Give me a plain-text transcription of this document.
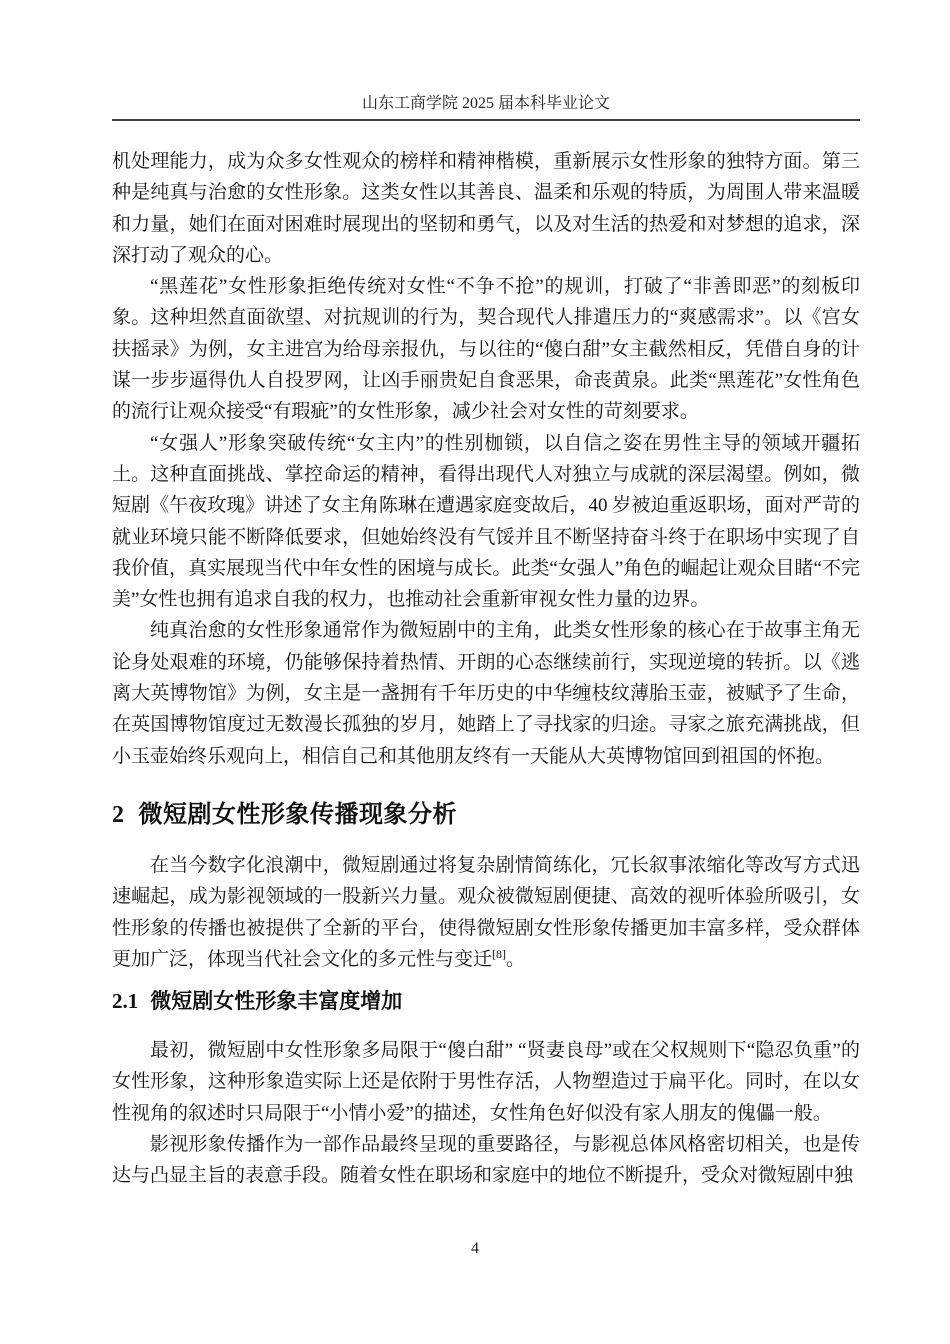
山东工商学院 2025 届本科毕业论文

机处理能力，成为众多女性观众的榜样和精神楷模，重新展示女性形象的独特方面。第三种是纯真与治愈的女性形象。这类女性以其善良、温柔和乐观的特质，为周围人带来温暖和力量，她们在面对困难时展现出的坚韧和勇气，以及对生活的热爱和对梦想的追求，深深打动了观众的心。

“黑莲花”女性形象拒绝传统对女性“不争不抢”的规训，打破了“非善即恶”的刻板印象。这种坦然直面欲望、对抗规训的行为，契合现代人排遣压力的“爽感需求”。以《宫女扶摇录》为例，女主进宫为给母亲报仇，与以往的“傻白甜”女主截然相反，凭借自身的计谋一步步逼得仇人自投罗网，让凶手丽贵妃自食恶果，命丧黄泉。此类“黑莲花”女性角色的流行让观众接受“有瑕疵”的女性形象，减少社会对女性的苛刻要求。

“女强人”形象突破传统“女主内”的性别枷锁，以自信之姿在男性主导的领域开疆拓土。这种直面挑战、掌控命运的精神，看得出现代人对独立与成就的深层渴望。例如，微短剧《午夜玫瑰》讲述了女主角陈琳在遭遇家庭变故后，40 岁被迫重返职场，面对严苛的就业环境只能不断降低要求，但她始终没有气馁并且不断坚持奋斗终于在职场中实现了自我价值，真实展现当代中年女性的困境与成长。此类“女强人”角色的崛起让观众目睹“不完美”女性也拥有追求自我的权力，也推动社会重新审视女性力量的边界。

纯真治愈的女性形象通常作为微短剧中的主角，此类女性形象的核心在于故事主角无论身处艰难的环境，仍能够保持着热情、开朗的心态继续前行，实现逆境的转折。以《逃离大英博物馆》为例，女主是一盏拥有千年历史的中华缠枝纹薄胎玉壶，被赋予了生命，在英国博物馆度过无数漫长孤独的岁月，她踏上了寻找家的归途。寻家之旅充满挑战，但小玉壶始终乐观向上，相信自己和其他朋友终有一天能从大英博物馆回到祖国的怀抱。

2 微短剧女性形象传播现象分析

在当今数字化浪潮中，微短剧通过将复杂剧情简练化，冗长叙事浓缩化等改写方式迅速崛起，成为影视领域的一股新兴力量。观众被微短剧便捷、高效的视听体验所吸引，女性形象的传播也被提供了全新的平台，使得微短剧女性形象传播更加丰富多样，受众群体更加广泛，体现当代社会文化的多元性与变迁[8]。

2.1 微短剧女性形象丰富度增加

最初，微短剧中女性形象多局限于“傻白甜” “贤妻良母”或在父权规则下“隐忍负重”的女性形象，这种形象造实际上还是依附于男性存活，人物塑造过于扁平化。同时，在以女性视角的叙述时只局限于“小情小爱”的描述，女性角色好似没有家人朋友的傀儡一般。

影视形象传播作为一部作品最终呈现的重要路径，与影视总体风格密切相关，也是传达与凸显主旨的表意手段。随着女性在职场和家庭中的地位不断提升，受众对微短剧中独

4
